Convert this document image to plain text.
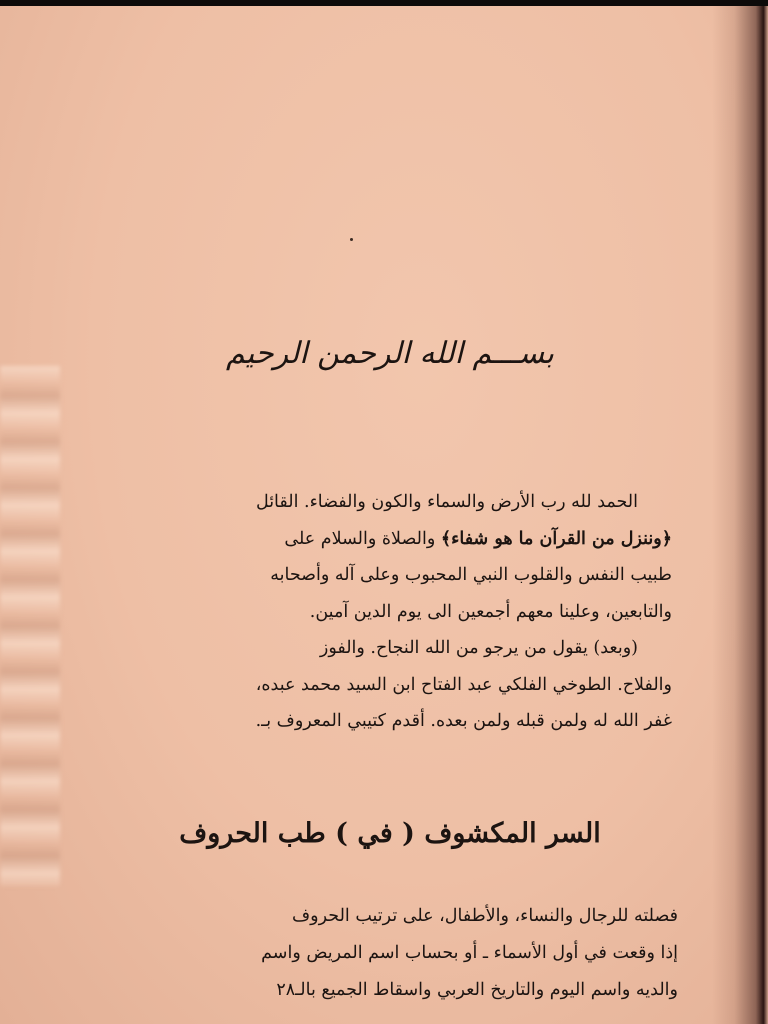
بســـم الله الرحمن الرحيم

الحمد لله رب الأرض والسماء والكون والفضاء. القائل

﴿وننزل من القرآن ما هو شفاء﴾ والصلاة والسلام على

طبيب النفس والقلوب النبي المحبوب وعلى آله وأصحابه

والتابعين، وعلينا معهم أجمعين الى يوم الدين آمين.

(وبعد) يقول من يرجو من الله النجاح. والفوز

والفلاح. الطوخي الفلكي عبد الفتاح ابن السيد محمد عبده،

غفر الله له ولمن قبله ولمن بعده. أقدم كتيبي المعروف بـ.

السر المكشوف ( في ) طب الحروف

فصلته للرجال والنساء، والأطفال، على ترتيب الحروف

إذا وقعت في أول الأسماء ـ أو بحساب اسم المريض واسم

والديه واسم اليوم والتاريخ العربي واسقاط الجميع بالـ٢٨
